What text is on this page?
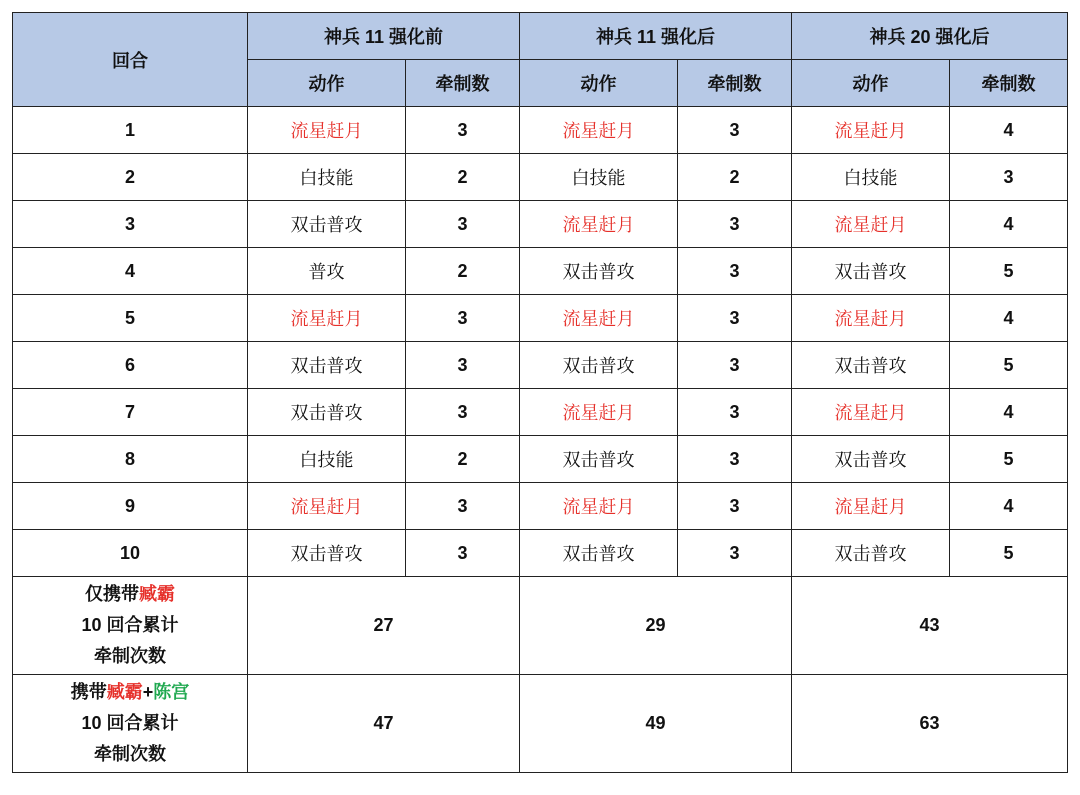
回合	神兵 11 强化前		神兵 11 强化后		神兵 20 强化后	
	动作	牵制数	动作	牵制数	动作	牵制数
1	流星赶月	3	流星赶月	3	流星赶月	4
2	白技能	2	白技能	2	白技能	3
3	双击普攻	3	流星赶月	3	流星赶月	4
4	普攻	2	双击普攻	3	双击普攻	5
5	流星赶月	3	流星赶月	3	流星赶月	4
6	双击普攻	3	双击普攻	3	双击普攻	5
7	双击普攻	3	流星赶月	3	流星赶月	4
8	白技能	2	双击普攻	3	双击普攻	5
9	流星赶月	3	流星赶月	3	流星赶月	4
10	双击普攻	3	双击普攻	3	双击普攻	5
仅携带臧霸
10 回合累计
牵制次数	27		29		43	
携带臧霸+陈宫
10 回合累计
牵制次数	47		49		63	
